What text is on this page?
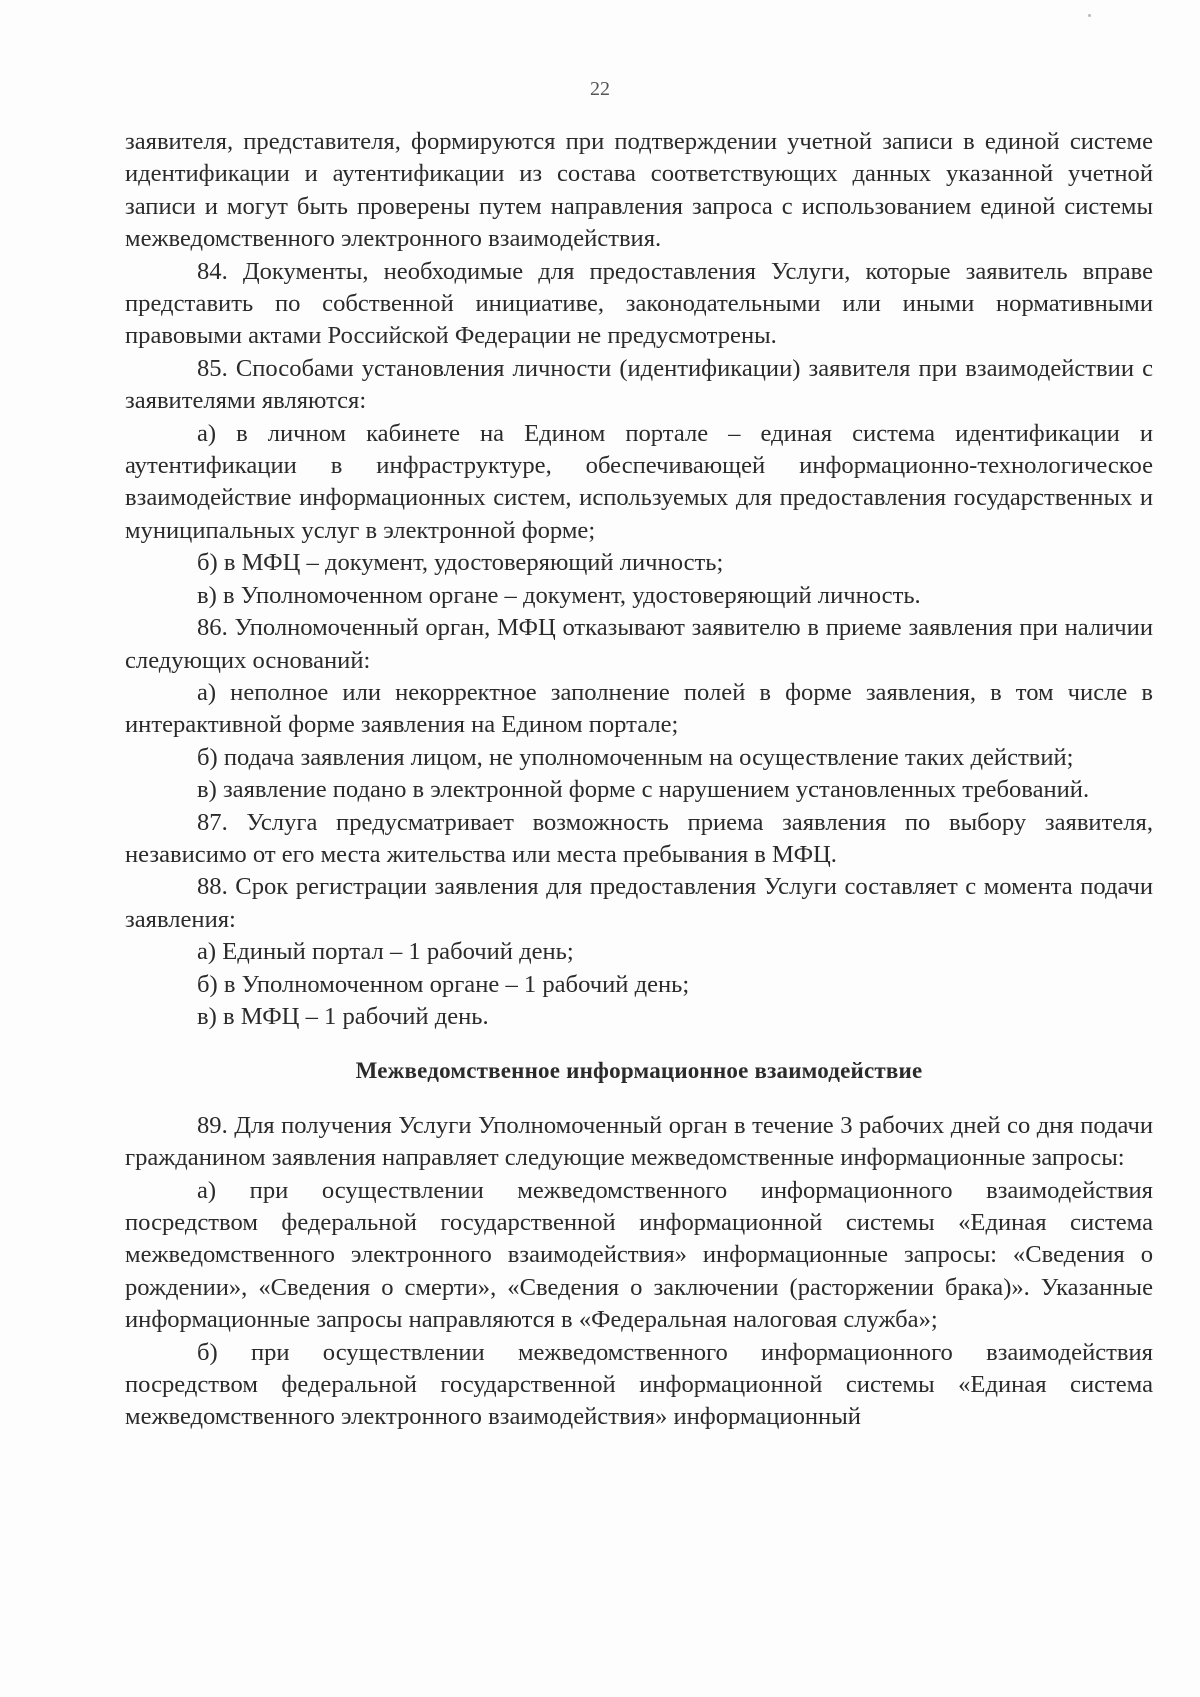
22

заявителя, представителя, формируются при подтверждении учетной записи в единой системе идентификации и аутентификации из состава соответствующих данных указанной учетной записи и могут быть проверены путем направления запроса с использованием единой системы межведомственного электронного взаимодействия.

84. Документы, необходимые для предоставления Услуги, которые заявитель вправе представить по собственной инициативе, законодательными или иными нормативными правовыми актами Российской Федерации не предусмотрены.

85. Способами установления личности (идентификации) заявителя при взаимодействии с заявителями являются:

а) в личном кабинете на Едином портале – единая система идентификации и аутентификации в инфраструктуре, обеспечивающей информационно-технологическое взаимодействие информационных систем, используемых для предоставления государственных и муниципальных услуг в электронной форме;

б) в МФЦ – документ, удостоверяющий личность;

в) в Уполномоченном органе – документ, удостоверяющий личность.

86. Уполномоченный орган, МФЦ отказывают заявителю в приеме заявления при наличии следующих оснований:

а) неполное или некорректное заполнение полей в форме заявления, в том числе в интерактивной форме заявления на Едином портале;

б) подача заявления лицом, не уполномоченным на осуществление таких действий;

в) заявление подано в электронной форме с нарушением установленных требований.

87. Услуга предусматривает возможность приема заявления по выбору заявителя, независимо от его места жительства или места пребывания в МФЦ.

88. Срок регистрации заявления для предоставления Услуги составляет с момента подачи заявления:

а) Единый портал – 1 рабочий день;

б) в Уполномоченном органе – 1 рабочий день;

в) в МФЦ – 1 рабочий день.

Межведомственное информационное взаимодействие

89. Для получения Услуги Уполномоченный орган в течение 3 рабочих дней со дня подачи гражданином заявления направляет следующие межведомственные информационные запросы:

а) при осуществлении межведомственного информационного взаимодействия посредством федеральной государственной информационной системы «Единая система межведомственного электронного взаимодействия» информационные запросы: «Сведения о рождении», «Сведения о смерти», «Сведения о заключении (расторжении брака)». Указанные информационные запросы направляются в «Федеральная налоговая служба»;

б) при осуществлении межведомственного информационного взаимодействия посредством федеральной государственной информационной системы «Единая система межведомственного электронного взаимодействия» информационный
